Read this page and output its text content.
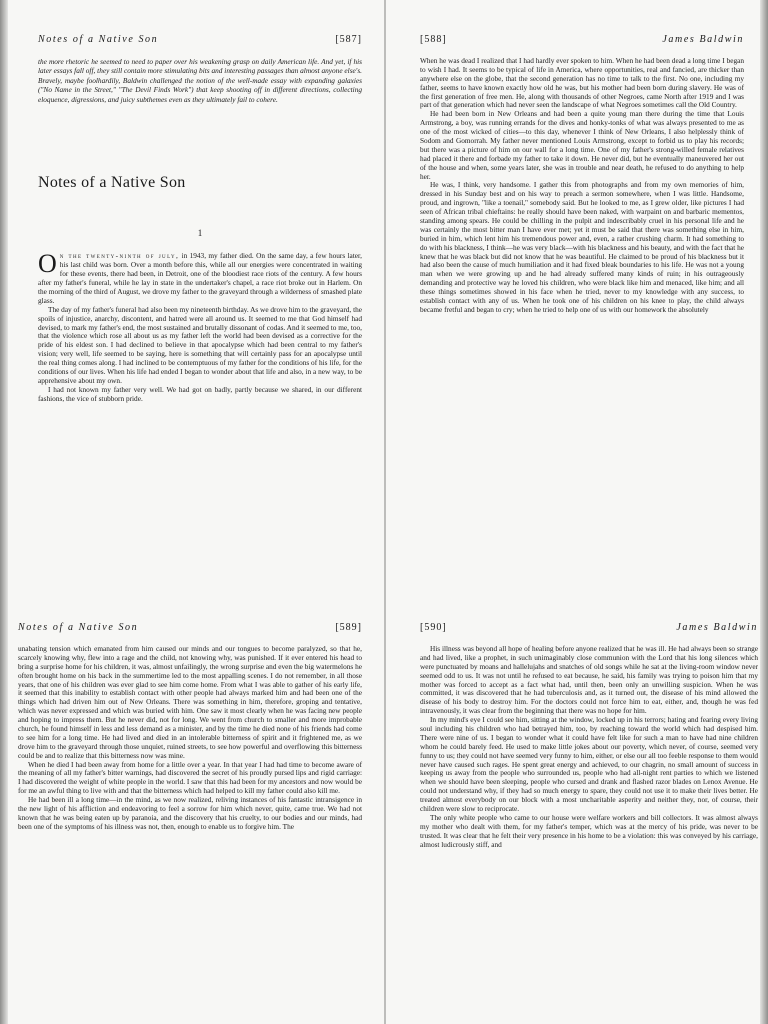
Notes of a Native Son	[587]

the more rhetoric he seemed to need to paper over his weakening grasp on daily American life. And yet, if his later essays fall off, they still contain more stimulating bits and interesting passages than almost anyone else's. Bravely, maybe foolhardily, Baldwin challenged the notion of the well-made essay with expanding galaxies ("No Name in the Street," "The Devil Finds Work") that keep shooting off in different directions, collecting eloquence, digressions, and juicy subthemes even as they ultimately fail to cohere.

Notes of a Native Son
1

On the twenty-ninth of july, in 1943, my father died. On the same day, a few hours later, his last child was born. Over a month before this, while all our energies were concentrated in waiting for these events, there had been, in Detroit, one of the bloodiest race riots of the century. A few hours after my father's funeral, while he lay in state in the undertaker's chapel, a race riot broke out in Harlem. On the morning of the third of August, we drove my father to the graveyard through a wilderness of smashed plate glass.

The day of my father's funeral had also been my nineteenth birthday. As we drove him to the graveyard, the spoils of injustice, anarchy, discontent, and hatred were all around us. It seemed to me that God himself had devised, to mark my father's end, the most sustained and brutally dissonant of codas. And it seemed to me, too, that the violence which rose all about us as my father left the world had been devised as a corrective for the pride of his eldest son. I had declined to believe in that apocalypse which had been central to my father's vision; very well, life seemed to be saying, here is something that will certainly pass for an apocalypse until the real thing comes along. I had inclined to be contemptuous of my father for the conditions of his life, for the conditions of our lives. When his life had ended I began to wonder about that life and also, in a new way, to be apprehensive about my own.

I had not known my father very well. We had got on badly, partly because we shared, in our different fashions, the vice of stubborn pride.

[588]	James Baldwin

When he was dead I realized that I had hardly ever spoken to him. When he had been dead a long time I began to wish I had. It seems to be typical of life in America, where opportunities, real and fancied, are thicker than anywhere else on the globe, that the second generation has no time to talk to the first. No one, including my father, seems to have known exactly how old he was, but his mother had been born during slavery. He was of the first generation of free men. He, along with thousands of other Negroes, came North after 1919 and I was part of that generation which had never seen the landscape of what Negroes sometimes call the Old Country.

He had been born in New Orleans and had been a quite young man there during the time that Louis Armstrong, a boy, was running errands for the dives and honky-tonks of what was always presented to me as one of the most wicked of cities—to this day, whenever I think of New Orleans, I also helplessly think of Sodom and Gomorrah. My father never mentioned Louis Armstrong, except to forbid us to play his records; but there was a picture of him on our wall for a long time. One of my father's strong-willed female relatives had placed it there and forbade my father to take it down. He never did, but he eventually maneuvered her out of the house and when, some years later, she was in trouble and near death, he refused to do anything to help her.

He was, I think, very handsome. I gather this from photographs and from my own memories of him, dressed in his Sunday best and on his way to preach a sermon somewhere, when I was little. Handsome, proud, and ingrown, "like a toenail," somebody said. But he looked to me, as I grew older, like pictures I had seen of African tribal chieftains: he really should have been naked, with warpaint on and barbaric mementos, standing among spears. He could be chilling in the pulpit and indescribably cruel in his personal life and he was certainly the most bitter man I have ever met; yet it must be said that there was something else in him, buried in him, which lent him his tremendous power and, even, a rather crushing charm. It had something to do with his blackness, I think—he was very black—with his blackness and his beauty, and with the fact that he knew that he was black but did not know that he was beautiful. He claimed to be proud of his blackness but it had also been the cause of much humiliation and it had fixed bleak boundaries to his life. He was not a young man when we were growing up and he had already suffered many kinds of ruin; in his outrageously demanding and protective way he loved his children, who were black like him and menaced, like him; and all these things sometimes showed in his face when he tried, never to my knowledge with any success, to establish contact with any of us. When he took one of his children on his knee to play, the child always became fretful and began to cry; when he tried to help one of us with our homework the absolutely

Notes of a Native Son	[589]

unabating tension which emanated from him caused our minds and our tongues to become paralyzed, so that he, scarcely knowing why, flew into a rage and the child, not knowing why, was punished. If it ever entered his head to bring a surprise home for his children, it was, almost unfailingly, the wrong surprise and even the big watermelons he often brought home on his back in the summertime led to the most appalling scenes. I do not remember, in all those years, that one of his children was ever glad to see him come home. From what I was able to gather of his early life, it seemed that this inability to establish contact with other people had always marked him and had been one of the things which had driven him out of New Orleans. There was something in him, therefore, groping and tentative, which was never expressed and which was buried with him. One saw it most clearly when he was facing new people and hoping to impress them. But he never did, not for long. We went from church to smaller and more improbable church, he found himself in less and less demand as a minister, and by the time he died none of his friends had come to see him for a long time. He had lived and died in an intolerable bitterness of spirit and it frightened me, as we drove him to the graveyard through those unquiet, ruined streets, to see how powerful and overflowing this bitterness could be and to realize that this bitterness now was mine.

When he died I had been away from home for a little over a year. In that year I had had time to become aware of the meaning of all my father's bitter warnings, had discovered the secret of his proudly pursed lips and rigid carriage: I had discovered the weight of white people in the world. I saw that this had been for my ancestors and now would be for me an awful thing to live with and that the bitterness which had helped to kill my father could also kill me.

He had been ill a long time—in the mind, as we now realized, reliving instances of his fantastic intransigence in the new light of his affliction and endeavoring to feel a sorrow for him which never, quite, came true. We had not known that he was being eaten up by paranoia, and the discovery that his cruelty, to our bodies and our minds, had been one of the symptoms of his illness was not, then, enough to enable us to forgive him. The

[590]	James Baldwin

His illness was beyond all hope of healing before anyone realized that he was ill. He had always been so strange and had lived, like a prophet, in such unimaginably close communion with the Lord that his long silences which were punctuated by moans and hallelujahs and snatches of old songs while he sat at the living-room window never seemed odd to us. It was not until he refused to eat because, he said, his family was trying to poison him that my mother was forced to accept as a fact what had, until then, been only an unwilling suspicion. When he was committed, it was discovered that he had tuberculosis and, as it turned out, the disease of his mind allowed the disease of his body to destroy him. For the doctors could not force him to eat, either, and, though he was fed intravenously, it was clear from the beginning that there was no hope for him.

In my mind's eye I could see him, sitting at the window, locked up in his terrors; hating and fearing every living soul including his children who had betrayed him, too, by reaching toward the world which had despised him. There were nine of us. I began to wonder what it could have felt like for such a man to have had nine children whom he could barely feed. He used to make little jokes about our poverty, which never, of course, seemed very funny to us; they could not have seemed very funny to him, either, or else our all too feeble response to them would never have caused such rages. He spent great energy and achieved, to our chagrin, no small amount of success in keeping us away from the people who surrounded us, people who had all-night rent parties to which we listened when we should have been sleeping, people who cursed and drank and flashed razor blades on Lenox Avenue. He could not understand why, if they had so much energy to spare, they could not use it to make their lives better. He treated almost everybody on our block with a most uncharitable asperity and neither they, nor, of course, their children were slow to reciprocate.

The only white people who came to our house were welfare workers and bill collectors. It was almost always my mother who dealt with them, for my father's temper, which was at the mercy of his pride, was never to be trusted. It was clear that he felt their very presence in his home to be a violation: this was conveyed by his carriage, almost ludicrously stiff, and
